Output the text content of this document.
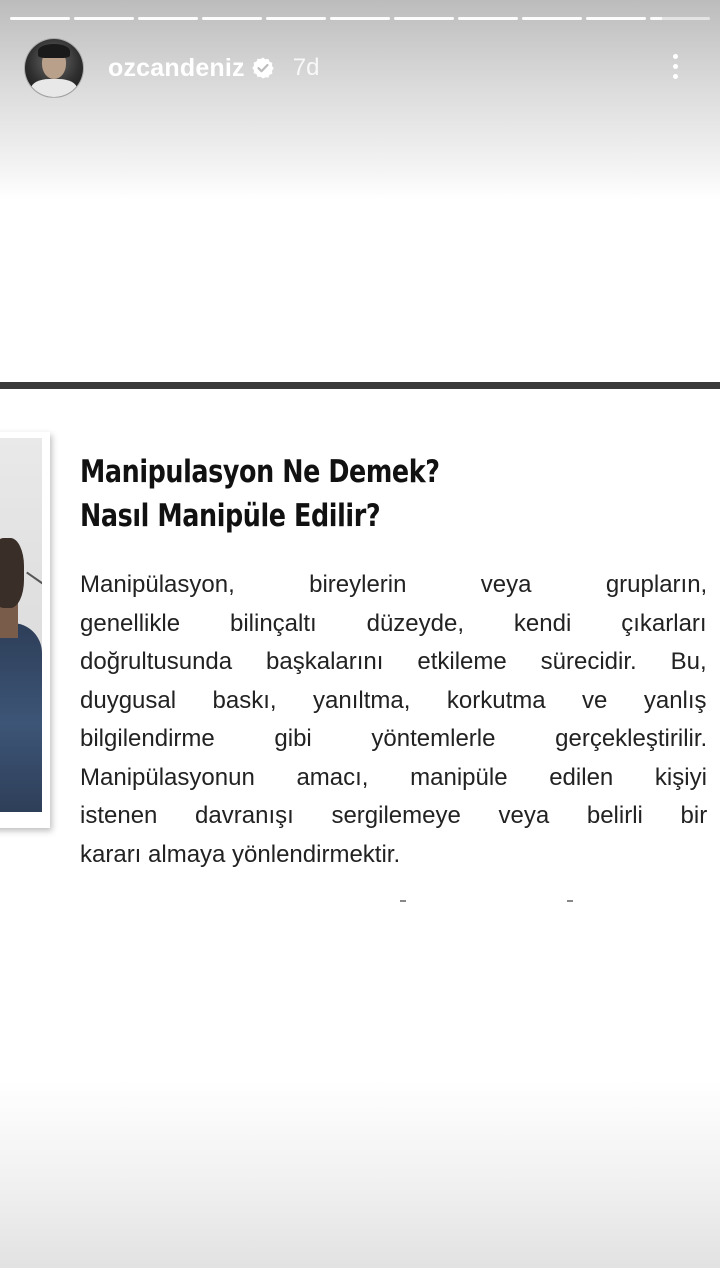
ozcandeniz 7d
Manipulasyon Ne Demek?
Nasıl Manipüle Edilir?
Manipülasyon, bireylerin veya grupların,
genellikle bilinçaltı düzeyde, kendi çıkarları
doğrultusunda başkalarını etkileme sürecidir. Bu,
duygusal baskı, yanıltma, korkutma ve yanlış
bilgilendirme gibi yöntemlerle gerçekleştirilir.
Manipülasyonun amacı, manipüle edilen kişiyi
istenen davranışı sergilemeye veya belirli bir
kararı almaya yönlendirmektir.
